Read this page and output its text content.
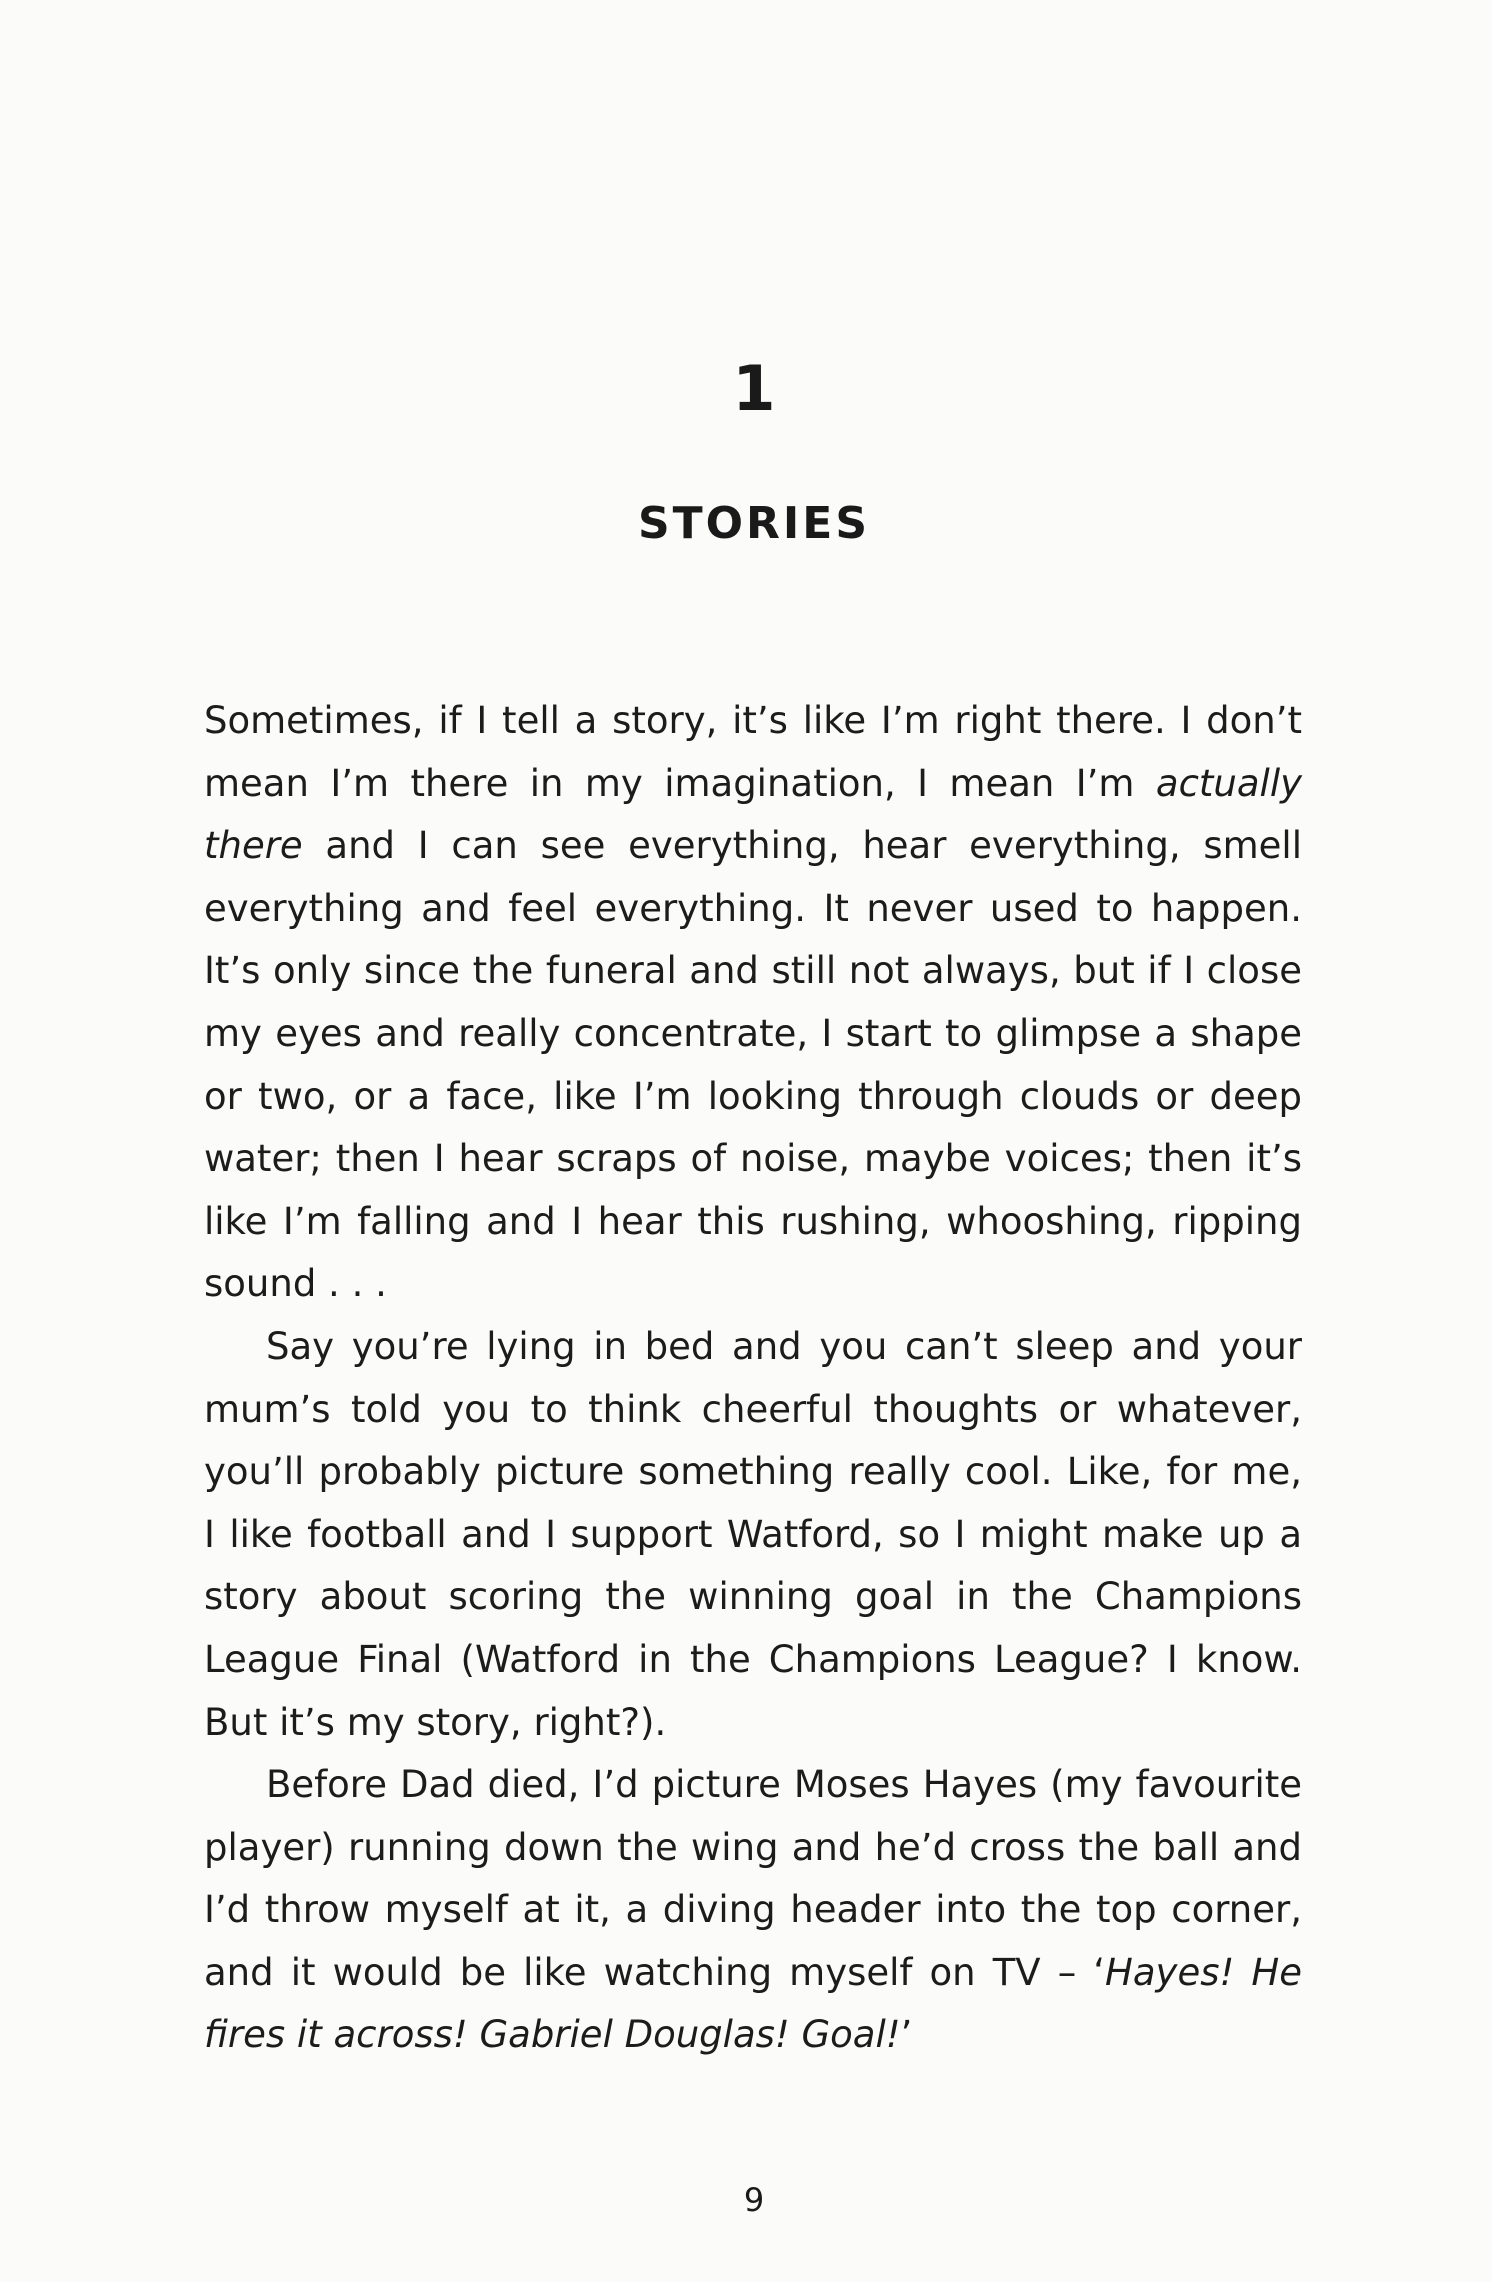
1
STORIES

Sometimes, if I tell a story, it’s like I’m right there. I don’t mean I’m there in my imagination, I mean I’m actually there and I can see everything, hear everything, smell everything and feel everything. It never used to happen. It’s only since the funeral and still not always, but if I close my eyes and really concentrate, I start to glimpse a shape or two, or a face, like I’m looking through clouds or deep water; then I hear scraps of noise, maybe voices; then it’s like I’m falling and I hear this rushing, whooshing, ripping sound . . .

Say you’re lying in bed and you can’t sleep and your mum’s told you to think cheerful thoughts or whatever, you’ll probably picture something really cool. Like, for me, I like football and I support Watford, so I might make up a story about scoring the winning goal in the Champions League Final (Watford in the Champions League? I know. But it’s my story, right?).

Before Dad died, I’d picture Moses Hayes (my favourite player) running down the wing and he’d cross the ball and I’d throw myself at it, a diving header into the top corner, and it would be like watching myself on TV – ‘Hayes! He fires it across! Gabriel Douglas! Goal!’

9
